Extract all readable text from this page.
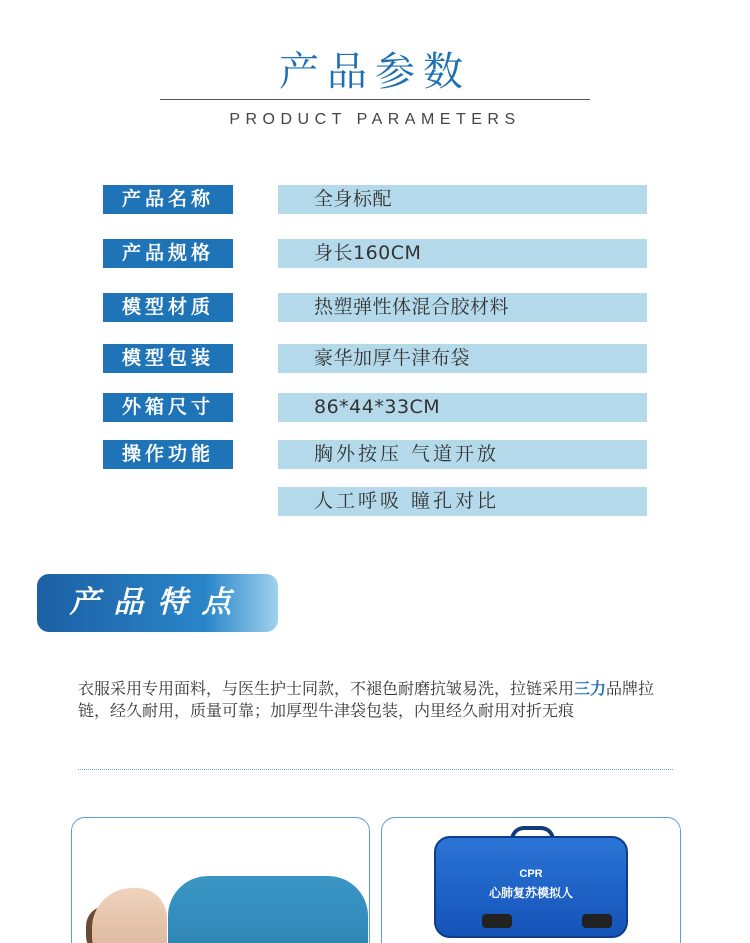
产品参数
PRODUCT PARAMETERS
产品名称	全身标配
产品规格	身长160CM
模型材质	热塑弹性体混合胶材料
模型包装	豪华加厚牛津布袋
外箱尺寸	86*44*33CM
操作功能	胸外按压 气道开放
人工呼吸 瞳孔对比
产品特点
衣服采用专用面料，与医生护士同款，不褪色耐磨抗皱易洗，拉链采用三力品牌拉链，经久耐用，质量可靠；加厚型牛津袋包装，内里经久耐用对折无痕
CPR
心肺复苏模拟人
